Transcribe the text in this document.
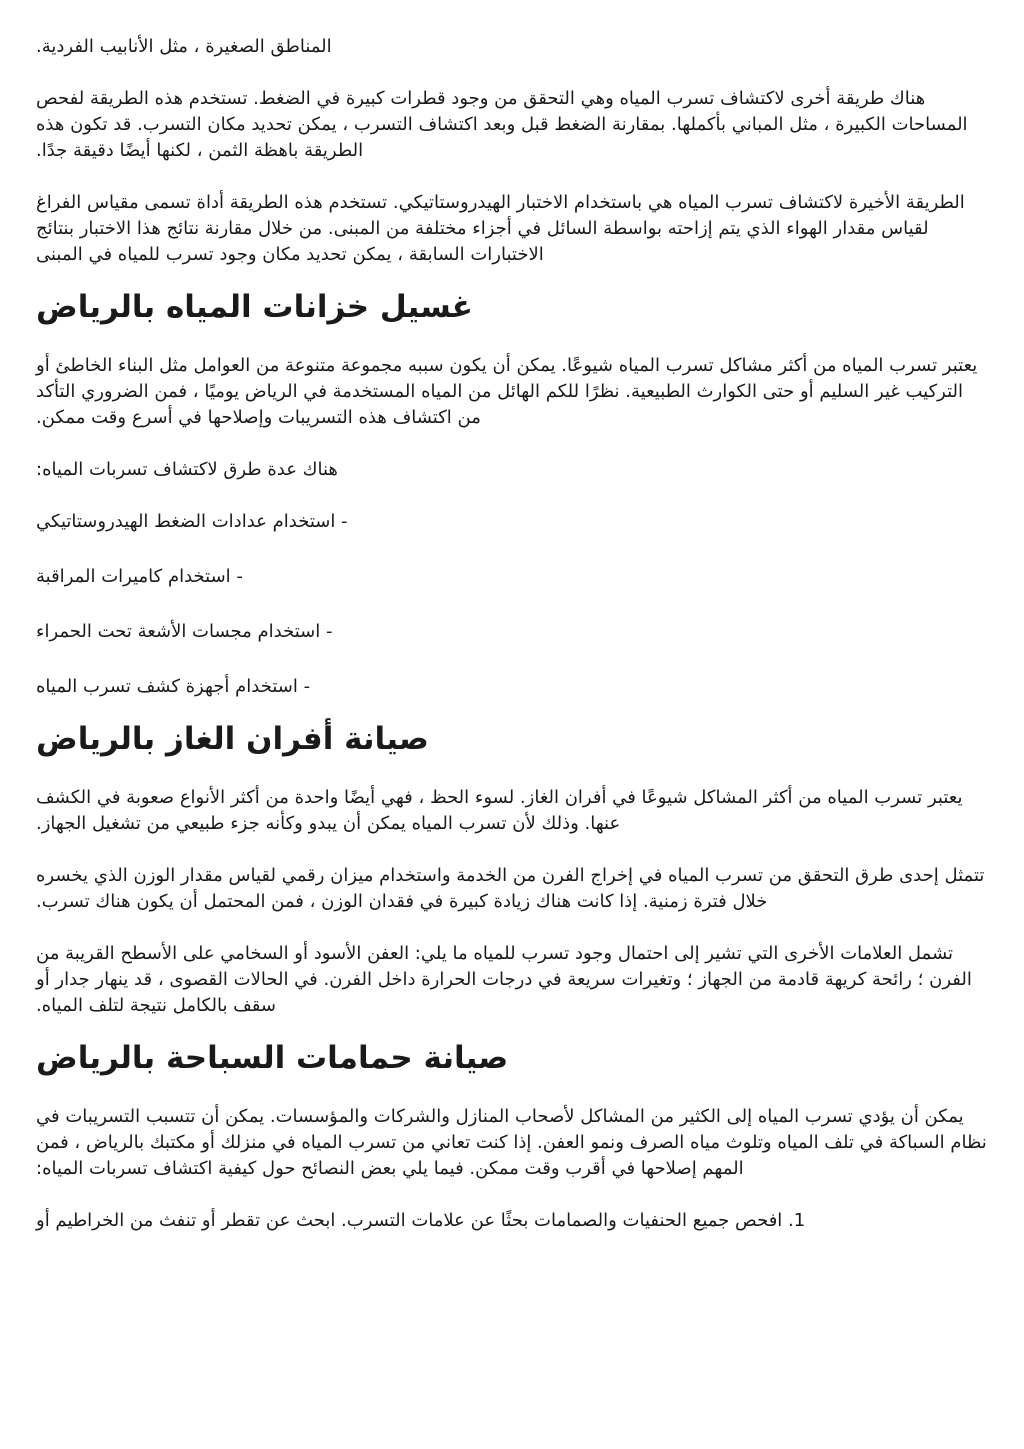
المناطق الصغيرة ، مثل الأنابيب الفردية.

هناك طريقة أخرى لاكتشاف تسرب المياه وهي التحقق من وجود قطرات كبيرة في الضغط. تستخدم هذه الطريقة لفحص المساحات الكبيرة ، مثل المباني بأكملها. بمقارنة الضغط قبل وبعد اكتشاف التسرب ، يمكن تحديد مكان التسرب. قد تكون هذه الطريقة باهظة الثمن ، لكنها أيضًا دقيقة جدًا.

الطريقة الأخيرة لاكتشاف تسرب المياه هي باستخدام الاختبار الهيدروستاتيكي. تستخدم هذه الطريقة أداة تسمى مقياس الفراغ لقياس مقدار الهواء الذي يتم إزاحته بواسطة السائل في أجزاء مختلفة من المبنى. من خلال مقارنة نتائج هذا الاختبار بنتائج الاختبارات السابقة ، يمكن تحديد مكان وجود تسرب للمياه في المبنى

غسيل خزانات المياه بالرياض

يعتبر تسرب المياه من أكثر مشاكل تسرب المياه شيوعًا. يمكن أن يكون سببه مجموعة متنوعة من العوامل مثل البناء الخاطئ أو التركيب غير السليم أو حتى الكوارث الطبيعية. نظرًا للكم الهائل من المياه المستخدمة في الرياض يوميًا ، فمن الضروري التأكد من اكتشاف هذه التسريبات وإصلاحها في أسرع وقت ممكن.

هناك عدة طرق لاكتشاف تسربات المياه:

- استخدام عدادات الضغط الهيدروستاتيكي

- استخدام كاميرات المراقبة

- استخدام مجسات الأشعة تحت الحمراء

- استخدام أجهزة كشف تسرب المياه

صيانة أفران الغاز بالرياض

يعتبر تسرب المياه من أكثر المشاكل شيوعًا في أفران الغاز. لسوء الحظ ، فهي أيضًا واحدة من أكثر الأنواع صعوبة في الكشف عنها. وذلك لأن تسرب المياه يمكن أن يبدو وكأنه جزء طبيعي من تشغيل الجهاز.

تتمثل إحدى طرق التحقق من تسرب المياه في إخراج الفرن من الخدمة واستخدام ميزان رقمي لقياس مقدار الوزن الذي يخسره خلال فترة زمنية. إذا كانت هناك زيادة كبيرة في فقدان الوزن ، فمن المحتمل أن يكون هناك تسرب.

تشمل العلامات الأخرى التي تشير إلى احتمال وجود تسرب للمياه ما يلي: العفن الأسود أو السخامي على الأسطح القريبة من الفرن ؛ رائحة كريهة قادمة من الجهاز ؛ وتغيرات سريعة في درجات الحرارة داخل الفرن. في الحالات القصوى ، قد ينهار جدار أو سقف بالكامل نتيجة لتلف المياه.

صيانة حمامات السباحة بالرياض

يمكن أن يؤدي تسرب المياه إلى الكثير من المشاكل لأصحاب المنازل والشركات والمؤسسات. يمكن أن تتسبب التسريبات في نظام السباكة في تلف المياه وتلوث مياه الصرف ونمو العفن. إذا كنت تعاني من تسرب المياه في منزلك أو مكتبك بالرياض ، فمن المهم إصلاحها في أقرب وقت ممكن. فيما يلي بعض النصائح حول كيفية اكتشاف تسربات المياه:

1. افحص جميع الحنفيات والصمامات بحثًا عن علامات التسرب. ابحث عن تقطر أو تنفث من الخراطيم أو
